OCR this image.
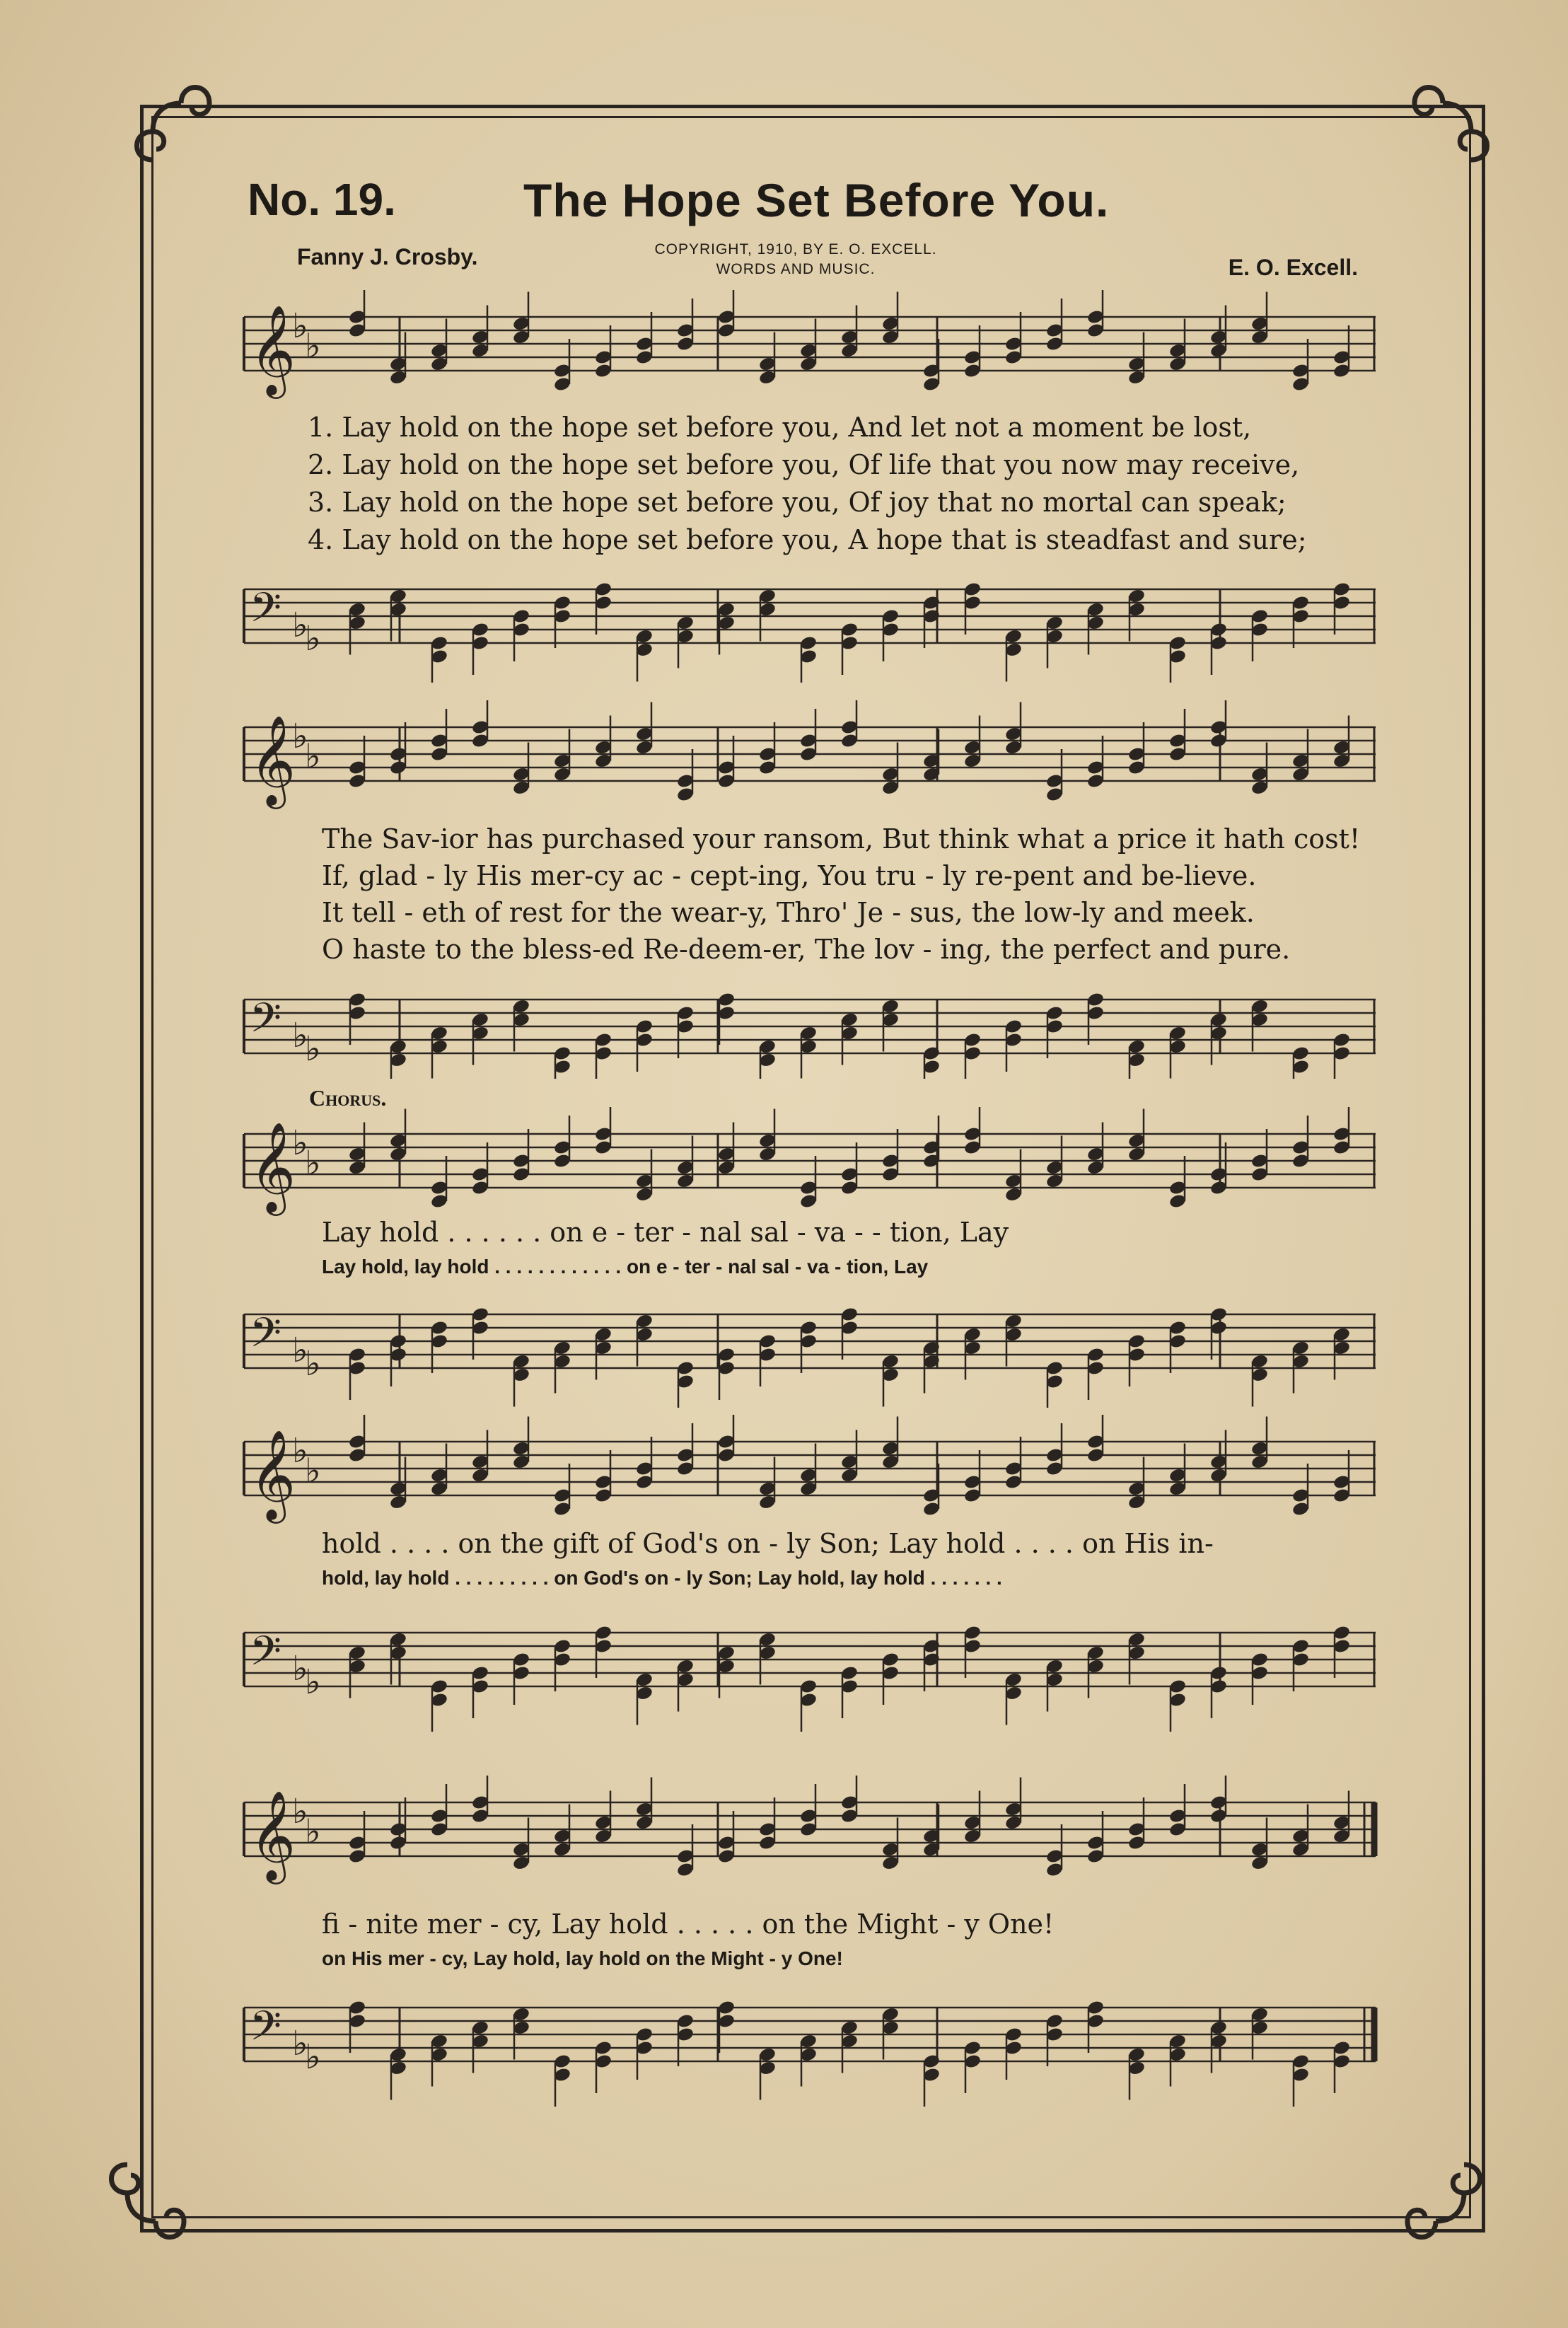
No. 19.	The Hope Set Before You.
Fanny J. Crosby.	COPYRIGHT, 1910, BY E. O. EXCELL.
WORDS AND MUSIC.	E. O. Excell.
𝄞
♭
♭
1. Lay hold on the hope set before you, And let not a moment be lost,
2. Lay hold on the hope set before you, Of life that you now may receive,
3. Lay hold on the hope set before you, Of joy that no mortal can speak;
4. Lay hold on the hope set before you, A hope that is steadfast and sure;
𝄢 ♭
♭
𝄞
♭
♭
The Sav-ior has purchased your ransom, But think what a price it hath cost!
If, glad - ly His mer-cy ac - cept-ing, You tru - ly re-pent and be-lieve.
It tell - eth of rest for the wear-y, Thro' Je - sus, the low-ly and meek.
O haste to the bless-ed Re-deem-er, The lov - ing, the perfect and pure.
𝄢 ♭
♭
Chorus.
𝄞
♭
♭
Lay hold . . . . . . on e - ter - nal sal - va - - tion, Lay
Lay hold, lay hold . . . . . . . . . . . . on e - ter - nal sal - va - tion, Lay
𝄢 ♭
♭
𝄞
♭
♭
hold . . . . on the gift of God's on - ly Son; Lay hold . . . . on His in-
hold, lay hold . . . . . . . . . on God's on - ly Son; Lay hold, lay hold . . . . . . .
𝄢 ♭
♭
𝄞
♭
♭
fi - nite mer - cy, Lay hold . . . . . on the Might - y One!
on His mer - cy, Lay hold, lay hold on the Might - y One!
𝄢 ♭
♭
